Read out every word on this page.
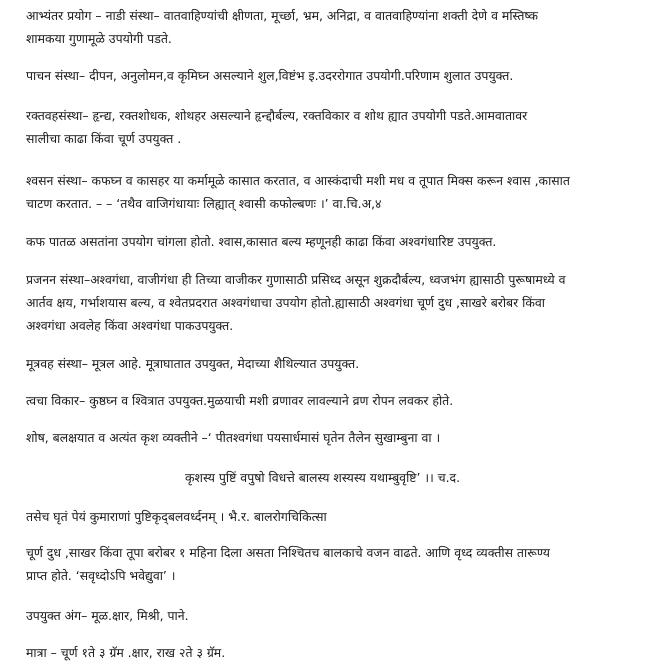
आभ्यंतर प्रयोग – नाडी संस्था– वातवाहिण्यांची क्षीणता, मूर्च्छा, भ्रम, अनिद्रा, व वातवाहिण्यांना शक्ती देणे व मस्तिष्क
शामकया गुणामूळे उपयोगी पडते.

पाचन संस्था– दीपन, अनुलोमन,व कृमिघ्न असल्याने शुल,विष्टंभ इ.उदररोगात उपयोगी.परिणाम शुलात उपयुक्त.

रक्तवहसंस्था– हृन्द्य, रक्तशोधक, शोथहर असल्याने हृन्द्दौर्बल्य, रक्तविकार व शोथ ह्यात उपयोगी पडते.आमवातावर
सालीचा काढा किंवा चूर्ण उपयुक्त .

श्वसन संस्था– कफघ्न व कासहर या कर्मामूळे कासात करतात, व आस्कंदाची मशी मध व तूपात मिक्स करून श्वास ,कासात
चाटण करतात. – – ‘तथैव वाजिगंधायाः लिह्यात् श्वासी कफोल्बणः ।’ वा.चि.अ,४

कफ पातळ असतांना उपयोग चांगला होतो. श्वास,कासात बल्य म्हणूनही काढा किंवा अश्वगंधारिष्ट उपयुक्त.

प्रजनन संस्था–अश्वगंधा, वाजीगंधा ही तिच्या वाजीकर गुणासाठी प्रसिध्द असून शुक्रदौर्बल्य, ध्वजभंग ह्यासाठी पुरूषामध्ये व
आर्तव क्षय, गर्भाशयास बल्य, व श्वेतप्रदरात अश्वगंधाचा उपयोग होतो.ह्यासाठी अश्वगंधा चूर्ण दुध ,साखरे बरोबर किंवा
अश्वगंधा अवलेह किंवा अश्वगंधा पाकउपयुक्त.

मूत्रवह संस्था– मूत्रल आहे. मूत्राघातात उपयुक्त, मेदाच्या शैथिल्यात उपयुक्त.

त्वचा विकार– कुष्ठघ्न व श्वित्रात उपयुक्त.मुळयाची मशी व्रणावर लावल्याने व्रण रोपन लवकर होते.

शोष, बलक्षयात व अत्यंत कृश व्यक्तीने –‘ पीतश्वगंधा पयसार्धमासं घृतेन तैलेन सुखाम्बुना वा ।

कृशस्य पुष्टिं वपुषो विधत्ते बालस्य शस्यस्य यथाम्बुवृष्टि’ ।। च.द.

तसेच घृतं पेयं कुमाराणां पुष्टिकृद्‌बलवर्ध्दनम् । भै.र. बालरोगचिकित्सा

चूर्ण दुध ,साखर किंवा तूपा बरोबर १ महिना दिला असता निश्चितच बालकाचे वजन वाढते. आणि वृध्द व्यक्तीस तारूण्य
प्राप्त होते. ‘सवृध्दोऽपि भवेद्युवा’ ।

उपयुक्त अंग– मूळ.क्षार, मिश्री, पाने.

मात्रा – चूर्ण १ते ३ ग्रॅम .क्षार, राख २ते ३ ग्रॅम.
